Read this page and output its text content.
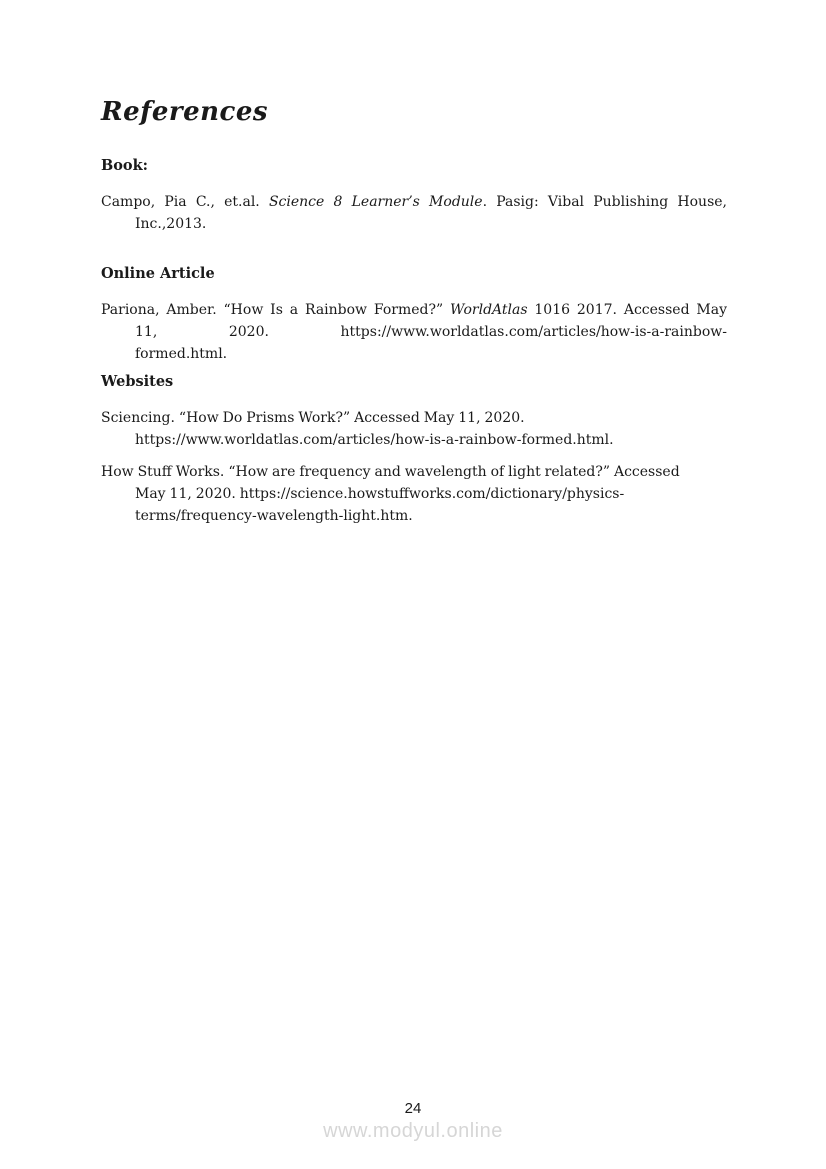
References
Book:
Campo, Pia C., et.al. Science 8 Learner’s Module. Pasig: Vibal Publishing House,
Inc.,2013.
Online Article
Pariona, Amber. “How Is a Rainbow Formed?” WorldAtlas 1016 2017. Accessed May
11, 2020. https://www.worldatlas.com/articles/how-is-a-rainbow-
formed.html.
Websites
Sciencing. “How Do Prisms Work?” Accessed May 11, 2020.
https://www.worldatlas.com/articles/how-is-a-rainbow-formed.html.
How Stuff Works. “How are frequency and wavelength of light related?” Accessed
May 11, 2020. https://science.howstuffworks.com/dictionary/physics-
terms/frequency-wavelength-light.htm.
24
www.modyul.online
